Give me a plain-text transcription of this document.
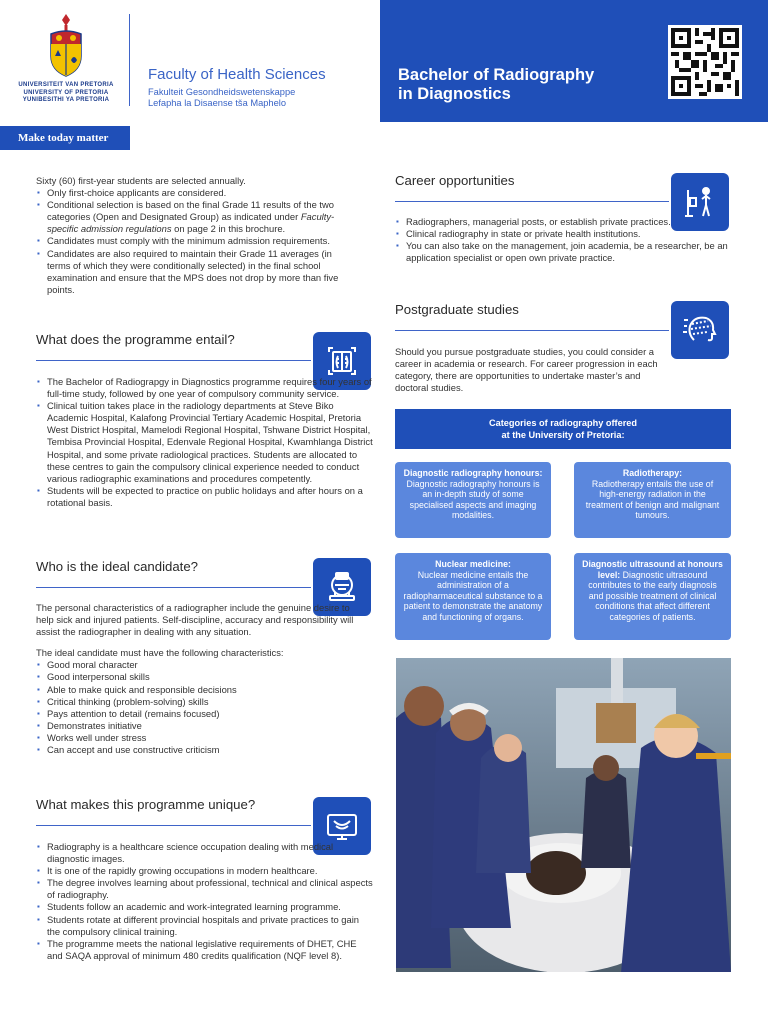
UNIVERSITEIT VAN PRETORIA
UNIVERSITY OF PRETORIA
YUNIBESITHI YA PRETORIA
Faculty of Health Sciences
Fakulteit Gesondheidswetenskappe
Lefapha la Disaense tša Maphelo
Bachelor of Radiography
in Diagnostics
Make today matter
Sixty (60) first-year students are selected annually.
▪ Only first-choice applicants are considered.
▪ Conditional selection is based on the final Grade 11 results of the two categories (Open and Designated Group) as indicated under Faculty-specific admission regulations on page 2 in this brochure.
▪ Candidates must comply with the minimum admission requirements.
▪ Candidates are also required to maintain their Grade 11 averages (in terms of which they were conditionally selected) in the final school examination and ensure that the MPS does not drop by more than five points.
What does the programme entail?
▪ The Bachelor of Radiograpgy in Diagnostics programme requires four years of full-time study, followed by one year of compulsory community service.
▪ Clinical tuition takes place in the radiology departments at Steve Biko Academic Hospital, Kalafong Provincial Tertiary Academic Hospital, Pretoria West District Hospital, Mamelodi Regional Hospital, Tshwane District Hospital, Tembisa Provincial Hospital, Edenvale Regional Hospital, Kwamhlanga District Hospital, and some private radiological practices. Students are allocated to these centres to gain the compulsory clinical experience needed to conduct various radiographic examinations and procedures competently.
▪ Students will be expected to practice on public holidays and after hours on a rotational basis.
Who is the ideal candidate?
The personal characteristics of a radiographer include the genuine desire to help sick and injured patients. Self-discipline, accuracy and responsibility will assist the radiographer in dealing with any situation.
The ideal candidate must have the following characteristics:
▪ Good moral character
▪ Good interpersonal skills
▪ Able to make quick and responsible decisions
▪ Critical thinking (problem-solving) skills
▪ Pays attention to detail (remains focused)
▪ Demonstrates initiative
▪ Works well under stress
▪ Can accept and use constructive criticism
What makes this programme unique?
▪ Radiography is a healthcare science occupation dealing with medical diagnostic images.
▪ It is one of the rapidly growing occupations in modern healthcare.
▪ The degree involves learning about professional, technical and clinical aspects of radiography.
▪ Students follow an academic and work-integrated learning programme.
▪ Students rotate at different provincial hospitals and private practices to gain the compulsory clinical training.
▪ The programme meets the national legislative requirements of DHET, CHE and SAQA approval of minimum 480 credits qualification (NQF level 8).
Career opportunities
▪ Radiographers, managerial posts, or establish private practices.
▪ Clinical radiography in state or private health institutions.
▪ You can also take on the management, join academia, be a researcher, be an application specialist or open own private practice.
Postgraduate studies
Should you pursue postgraduate studies, you could consider a career in academia or research. For career progression in each category, there are opportunities to undertake master’s and doctoral studies.
Categories of radiography offered
at the University of Pretoria:
Diagnostic radiography honours:
Diagnostic radiography honours is an in-depth study of some specialised aspects and imaging modalities.
Radiotherapy:
Radiotherapy entails the use of high-energy radiation in the treatment of benign and malignant tumours.
Nuclear medicine:
Nuclear medicine entails the administration of a radiopharmaceutical substance to a patient to demonstrate the anatomy and functioning of organs.
Diagnostic ultrasound at honours level: Diagnostic ultrasound contributes to the early diagnosis and possible treatment of clinical conditions that affect different categories of patients.
